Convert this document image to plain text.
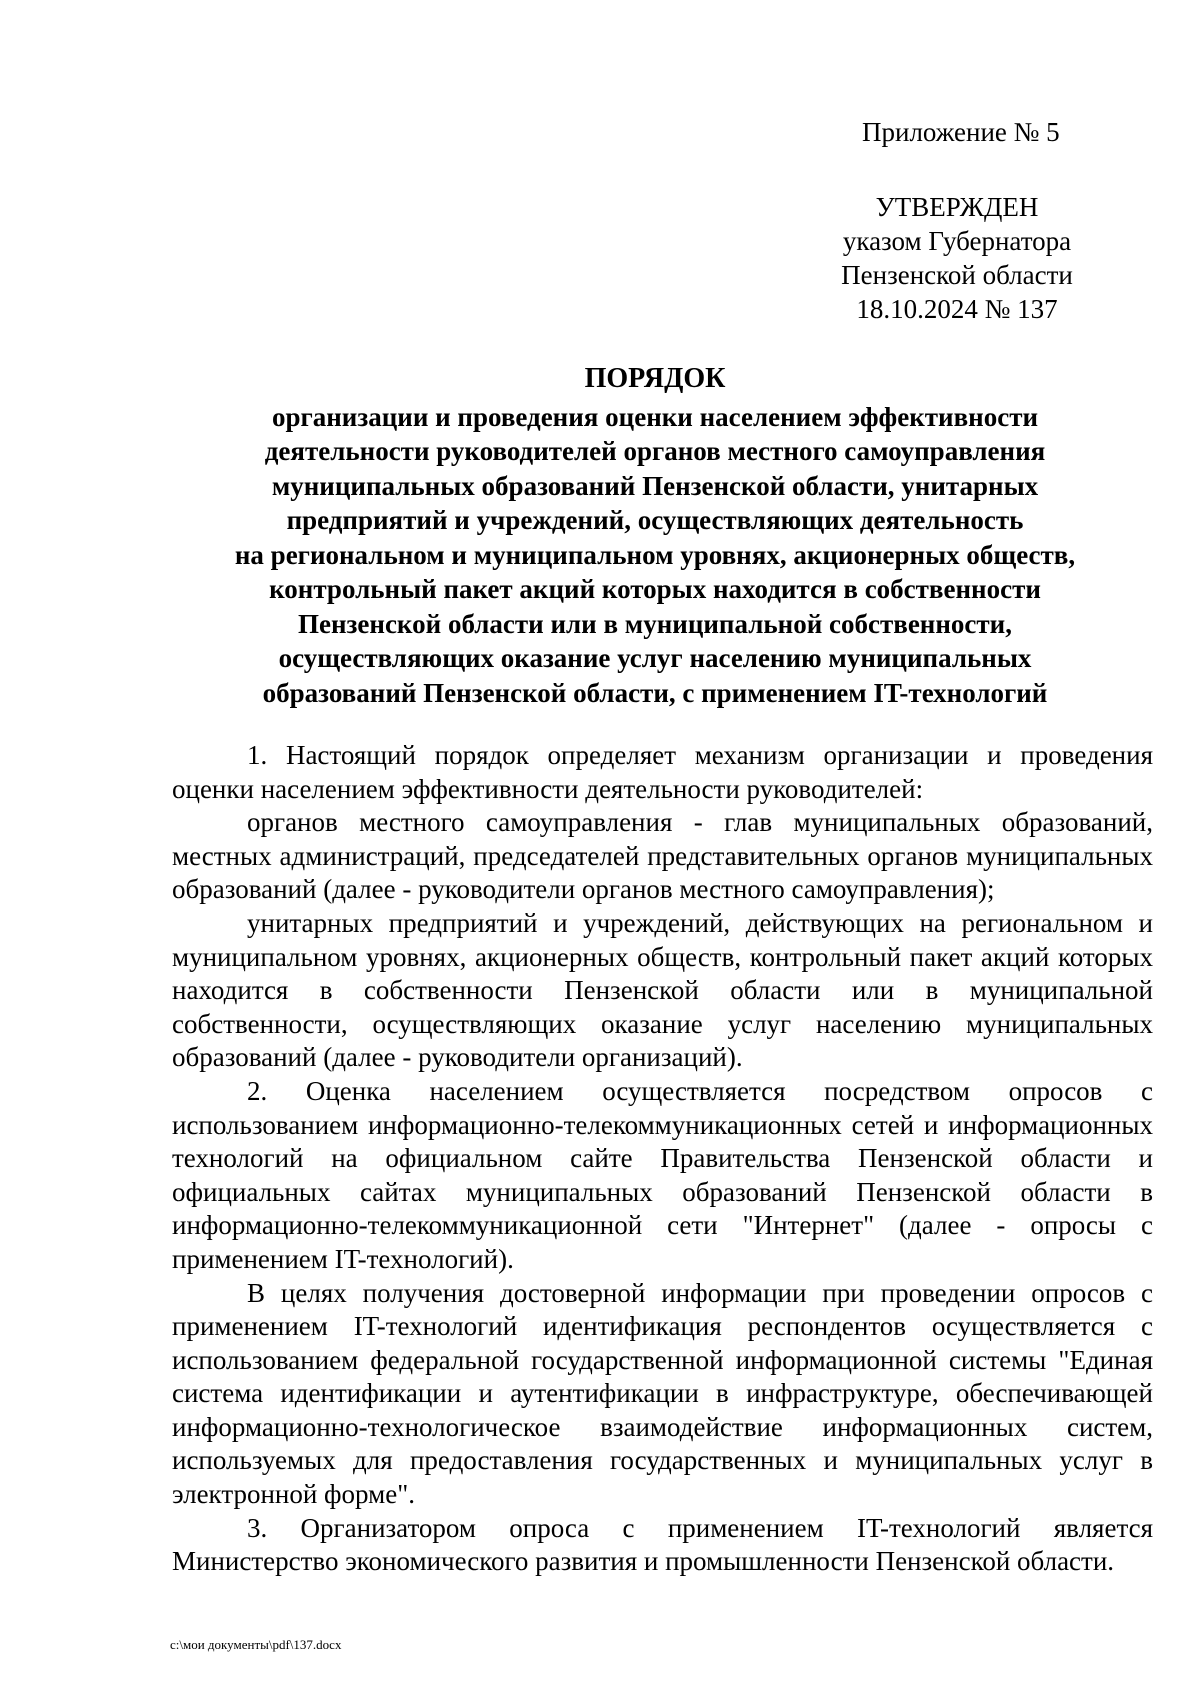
Приложение № 5
УТВЕРЖДЕН
указом Губернатора
Пензенской области
18.10.2024 № 137
ПОРЯДОК
организации и проведения оценки населением эффективности
деятельности руководителей органов местного самоуправления
муниципальных образований Пензенской области, унитарных
предприятий и учреждений, осуществляющих деятельность
на региональном и муниципальном уровнях, акционерных обществ,
контрольный пакет акций которых находится в собственности
Пензенской области или в муниципальной собственности,
осуществляющих оказание услуг населению муниципальных
образований Пензенской области, с применением IT-технологий

1. Настоящий порядок определяет механизм организации и проведения оценки населением эффективности деятельности руководителей:

органов местного самоуправления - глав муниципальных образований, местных администраций, председателей представительных органов муниципальных образований (далее - руководители органов местного самоуправления);

унитарных предприятий и учреждений, действующих на региональном и муниципальном уровнях, акционерных обществ, контрольный пакет акций которых находится в собственности Пензенской области или в муниципальной собственности, осуществляющих оказание услуг населению муниципальных образований (далее - руководители организаций).

2. Оценка населением осуществляется посредством опросов с использованием информационно-телекоммуникационных сетей и информационных технологий на официальном сайте Правительства Пензенской области и официальных сайтах муниципальных образований Пензенской области в информационно-телекоммуникационной сети "Интернет" (далее - опросы с применением IT-технологий).

В целях получения достоверной информации при проведении опросов с применением IT-технологий идентификация респондентов осуществляется с использованием федеральной государственной информационной системы "Единая система идентификации и аутентификации в инфраструктуре, обеспечивающей информационно-технологическое взаимодействие информационных систем, используемых для предоставления государственных и муниципальных услуг в электронной форме".

3. Организатором опроса с применением IT-технологий является Министерство экономического развития и промышленности Пензенской области.

c:\мои документы\pdf\137.docx
